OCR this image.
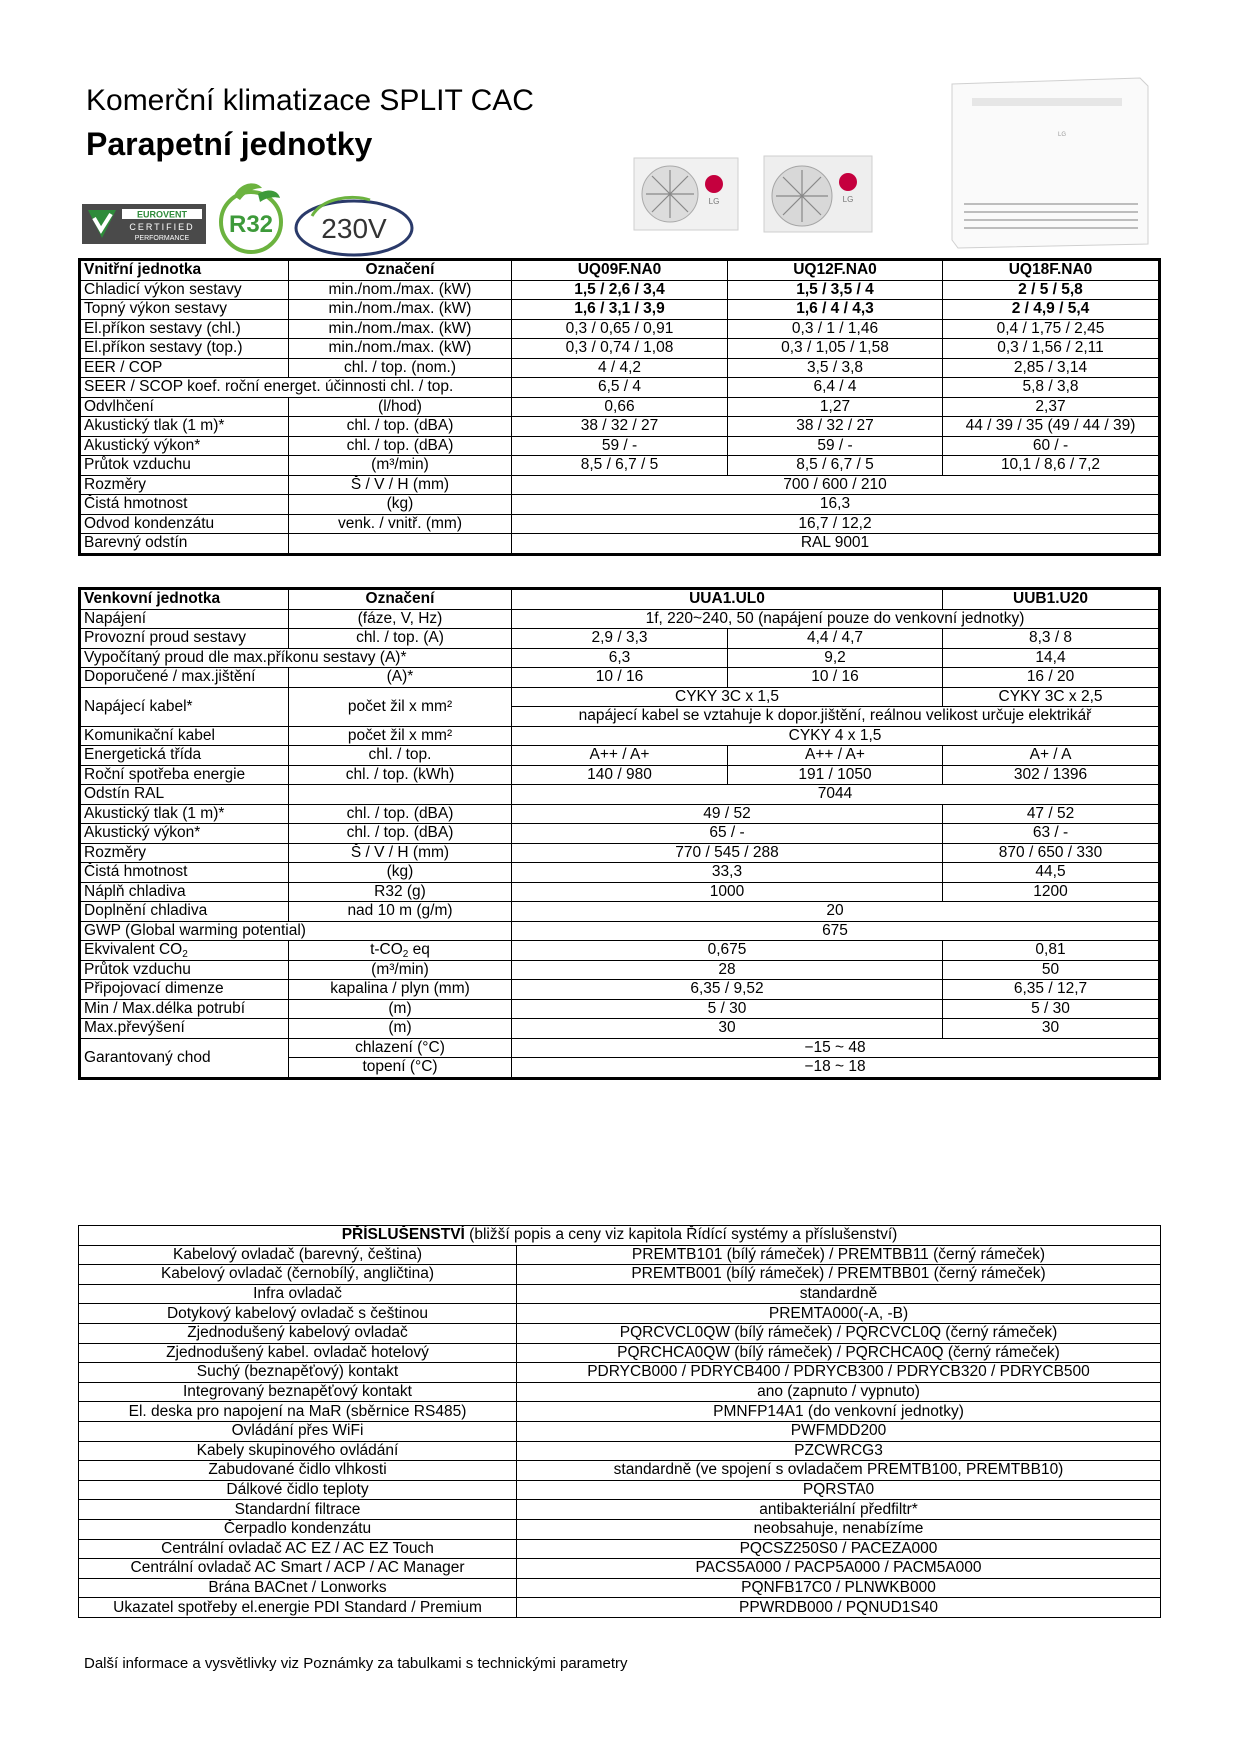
Komerční klimatizace SPLIT CAC
Parapetní jednotky
EUROVENT
CERTIFIED
PERFORMANCE
R32 230V
LG	LG
LG
Vnitřní jednotka	Označení	UQ09F.NA0	UQ12F.NA0	UQ18F.NA0
Chladicí výkon sestavy	min./nom./max. (kW)	1,5 / 2,6 / 3,4	1,5 / 3,5 / 4	2 / 5 / 5,8
Topný výkon sestavy	min./nom./max. (kW)	1,6 / 3,1 / 3,9	1,6 / 4 / 4,3	2 / 4,9 / 5,4
El.příkon sestavy (chl.)	min./nom./max. (kW)	0,3 / 0,65 / 0,91	0,3 / 1 / 1,46	0,4 / 1,75 / 2,45
El.příkon sestavy (top.)	min./nom./max. (kW)	0,3 / 0,74 / 1,08	0,3 / 1,05 / 1,58	0,3 / 1,56 / 2,11
EER / COP	chl. / top. (nom.)	4 / 4,2	3,5 / 3,8	2,85 / 3,14
SEER / SCOP koef. roční energet. účinnosti chl. / top.		6,5 / 4	6,4 / 4	5,8 / 3,8
Odvlhčení	(l/hod)	0,66	1,27	2,37
Akustický tlak (1 m)*	chl. / top. (dBA)	38 / 32 / 27	38 / 32 / 27	44 / 39 / 35 (49 / 44 / 39)
Akustický výkon*	chl. / top. (dBA)	59 / -	59 / -	60 / -
Průtok vzduchu	(m³/min)	8,5 / 6,7 / 5	8,5 / 6,7 / 5	10,1 / 8,6 / 7,2
Rozměry	Š / V / H (mm)	700 / 600 / 210		
Čistá hmotnost	(kg)	16,3		
Odvod kondenzátu	venk. / vnitř. (mm)	16,7 / 12,2		
Barevný odstín		RAL 9001		
Venkovní jednotka	Označení	UUA1.UL0		UUB1.U20
Napájení	(fáze, V, Hz)	1f, 220~240, 50 (napájení pouze do venkovní jednotky)		
Provozní proud sestavy	chl. / top. (A)	2,9 / 3,3	4,4 / 4,7	8,3 / 8
Vypočítaný proud dle max.příkonu sestavy (A)*		6,3	9,2	14,4
Doporučené / max.jištění	(A)*	10 / 16	10 / 16	16 / 20
Napájecí kabel*	počet žil x mm²	CYKY 3C x 1,5		CYKY 3C x 2,5
		napájecí kabel se vztahuje k dopor.jištění, reálnou velikost určuje elektrikář		
Komunikační kabel	počet žil x mm²	CYKY 4 x 1,5		
Energetická třída	chl. / top.	A++ / A+	A++ / A+	A+ / A
Roční spotřeba energie	chl. / top. (kWh)	140 / 980	191 / 1050	302 / 1396
Odstín RAL		7044		
Akustický tlak (1 m)*	chl. / top. (dBA)	49 / 52		47 / 52
Akustický výkon*	chl. / top. (dBA)	65 / -		63 / -
Rozměry	Š / V / H (mm)	770 / 545 / 288		870 / 650 / 330
Čistá hmotnost	(kg)	33,3		44,5
Náplň chladiva	R32 (g)	1000		1200
Doplnění chladiva	nad 10 m (g/m)	20		
GWP (Global warming potential)		675		
Ekvivalent $CO_2$	$t-CO_2$ eq	0,675		0,81
Průtok vzduchu	(m³/min)	28		50
Připojovací dimenze	kapalina / plyn (mm)	6,35 / 9,52		6,35 / 12,7
Min / Max.délka potrubí	(m)	5 / 30		5 / 30
Max.převýšení	(m)	30		30
Garantovaný chod	chlazení (°C)	−15 ~ 48		
	topení (°C)	−18 ~ 18		
PŘÍSLUŠENSTVÍ (bližší popis a ceny viz kapitola Řídící systémy a příslušenství)	
Kabelový ovladač (barevný, čeština)	PREMTB101 (bílý rámeček) / PREMTBB11 (černý rámeček)
Kabelový ovladač (černobílý, angličtina)	PREMTB001 (bílý rámeček) / PREMTBB01 (černý rámeček)
Infra ovladač	standardně
Dotykový kabelový ovladač s češtinou	PREMTA000(-A, -B)
Zjednodušený kabelový ovladač	PQRCVCL0QW (bílý rámeček) / PQRCVCL0Q (černý rámeček)
Zjednodušený kabel. ovladač hotelový	PQRCHCA0QW (bílý rámeček) / PQRCHCA0Q (černý rámeček)
Suchý (beznapěťový) kontakt	PDRYCB000 / PDRYCB400 / PDRYCB300 / PDRYCB320 / PDRYCB500
Integrovaný beznapěťový kontakt	ano (zapnuto / vypnuto)
El. deska pro napojení na MaR (sběrnice RS485)	PMNFP14A1 (do venkovní jednotky)
Ovládání přes WiFi	PWFMDD200
Kabely skupinového ovládání	PZCWRCG3
Zabudované čidlo vlhkosti	standardně (ve spojení s ovladačem PREMTB100, PREMTBB10)
Dálkové čidlo teploty	PQRSTA0
Standardní filtrace	antibakteriální předfiltr*
Čerpadlo kondenzátu	neobsahuje, nenabízíme
Centrální ovladač AC EZ / AC EZ Touch	PQCSZ250S0 / PACEZA000
Centrální ovladač AC Smart / ACP / AC Manager	PACS5A000 / PACP5A000 / PACM5A000
Brána BACnet / Lonworks	PQNFB17C0 / PLNWKB000
Ukazatel spotřeby el.energie PDI Standard / Premium	PPWRDB000 / PQNUD1S40
Další informace a vysvětlivky viz Poznámky za tabulkami s technickými parametry
